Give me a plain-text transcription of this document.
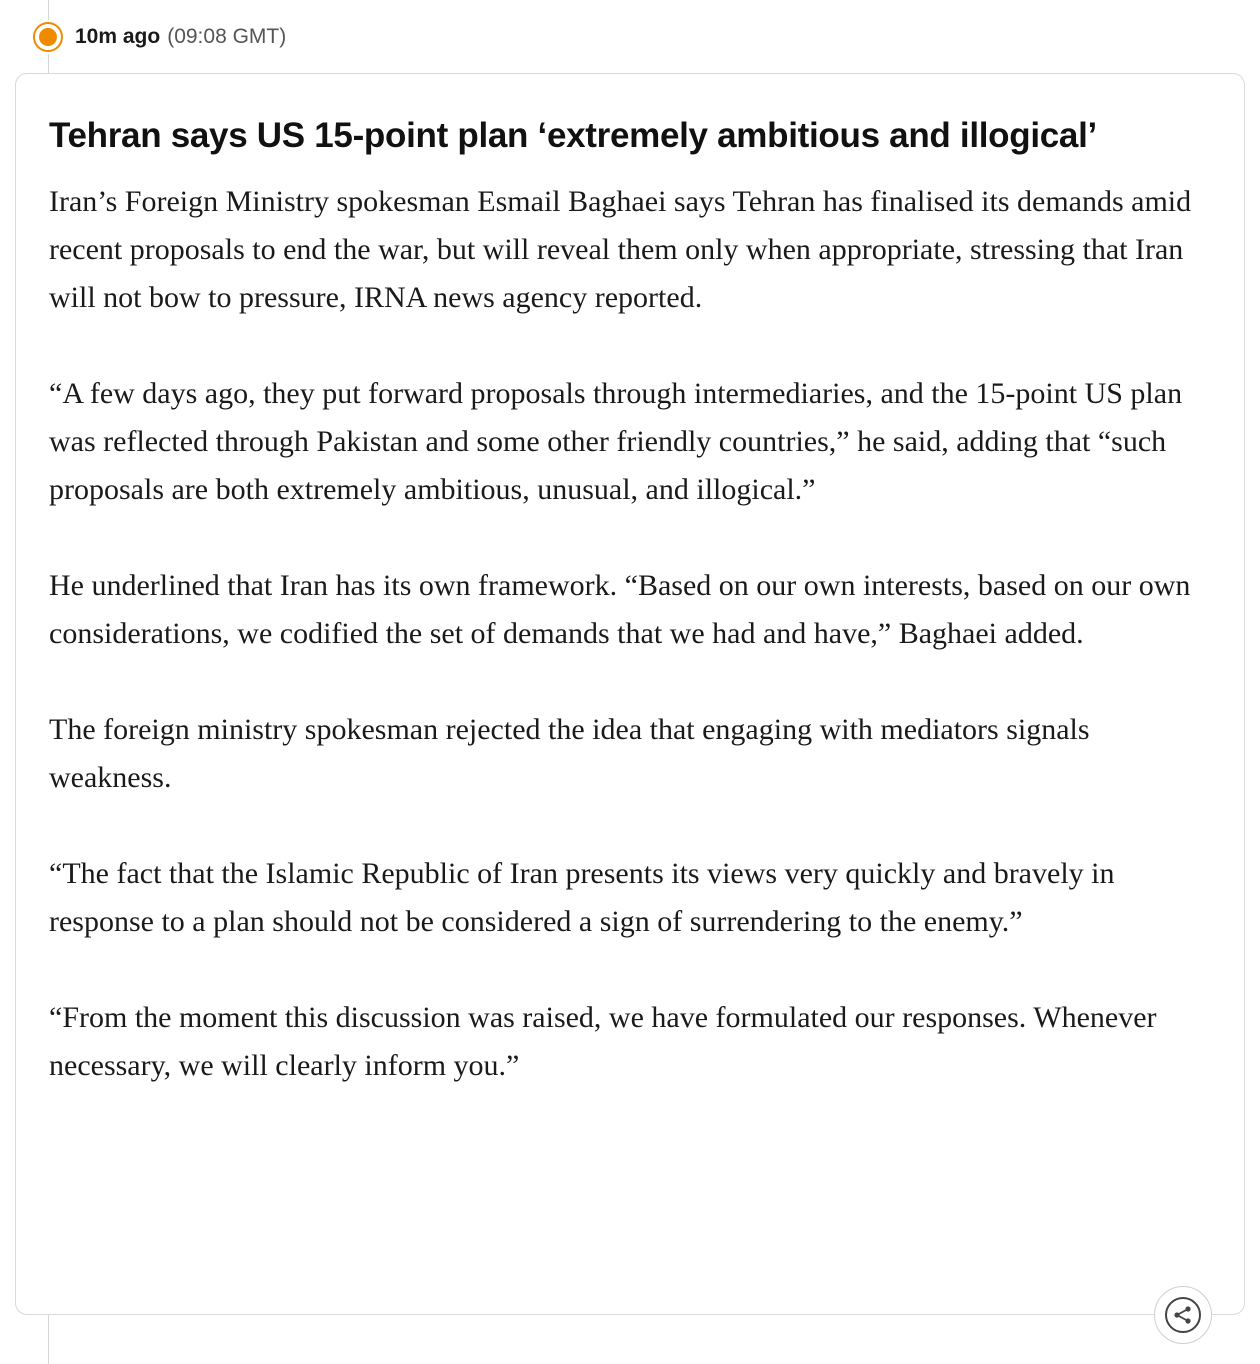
10m ago (09:08 GMT)
Tehran says US 15-point plan ‘extremely ambitious and illogical’

Iran’s Foreign Ministry spokesman Esmail Baghaei says Tehran has finalised its demands amid recent proposals to end the war, but will reveal them only when appropriate, stressing that Iran will not bow to pressure, IRNA news agency reported.

“A few days ago, they put forward proposals through intermediaries, and the 15-point US plan was reflected through Pakistan and some other friendly countries,” he said, adding that “such proposals are both extremely ambitious, unusual, and illogical.”

He underlined that Iran has its own framework. “Based on our own interests, based on our own considerations, we codified the set of demands that we had and have,” Baghaei added.

The foreign ministry spokesman rejected the idea that engaging with mediators signals weakness.

“The fact that the Islamic Republic of Iran presents its views very quickly and bravely in response to a plan should not be considered a sign of surrendering to the enemy.”

“From the moment this discussion was raised, we have formulated our responses. Whenever necessary, we will clearly inform you.”
